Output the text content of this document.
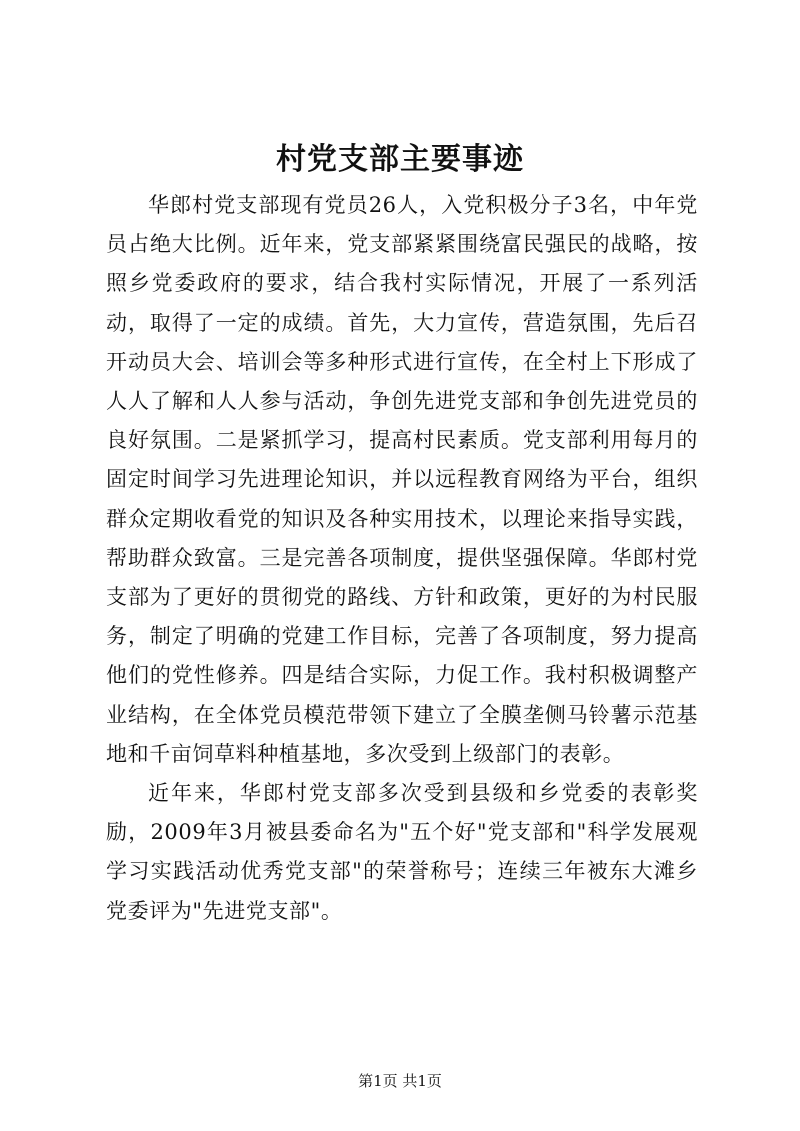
村党支部主要事迹

华郎村党支部现有党员26人，入党积极分子3名，中年党员占绝大比例。近年来，党支部紧紧围绕富民强民的战略，按照乡党委政府的要求，结合我村实际情况，开展了一系列活动，取得了一定的成绩。首先，大力宣传，营造氛围，先后召开动员大会、培训会等多种形式进行宣传，在全村上下形成了人人了解和人人参与活动，争创先进党支部和争创先进党员的良好氛围。二是紧抓学习，提高村民素质。党支部利用每月的固定时间学习先进理论知识，并以远程教育网络为平台，组织群众定期收看党的知识及各种实用技术，以理论来指导实践，帮助群众致富。三是完善各项制度，提供坚强保障。华郎村党支部为了更好的贯彻党的路线、方针和政策，更好的为村民服务，制定了明确的党建工作目标，完善了各项制度，努力提高他们的党性修养。四是结合实际，力促工作。我村积极调整产业结构，在全体党员模范带领下建立了全膜垄侧马铃薯示范基地和千亩饲草料种植基地，多次受到上级部门的表彰。

近年来，华郎村党支部多次受到县级和乡党委的表彰奖励，2009年3月被县委命名为"五个好"党支部和"科学发展观学习实践活动优秀党支部"的荣誉称号；连续三年被东大滩乡党委评为"先进党支部"。

第1页 共1页
